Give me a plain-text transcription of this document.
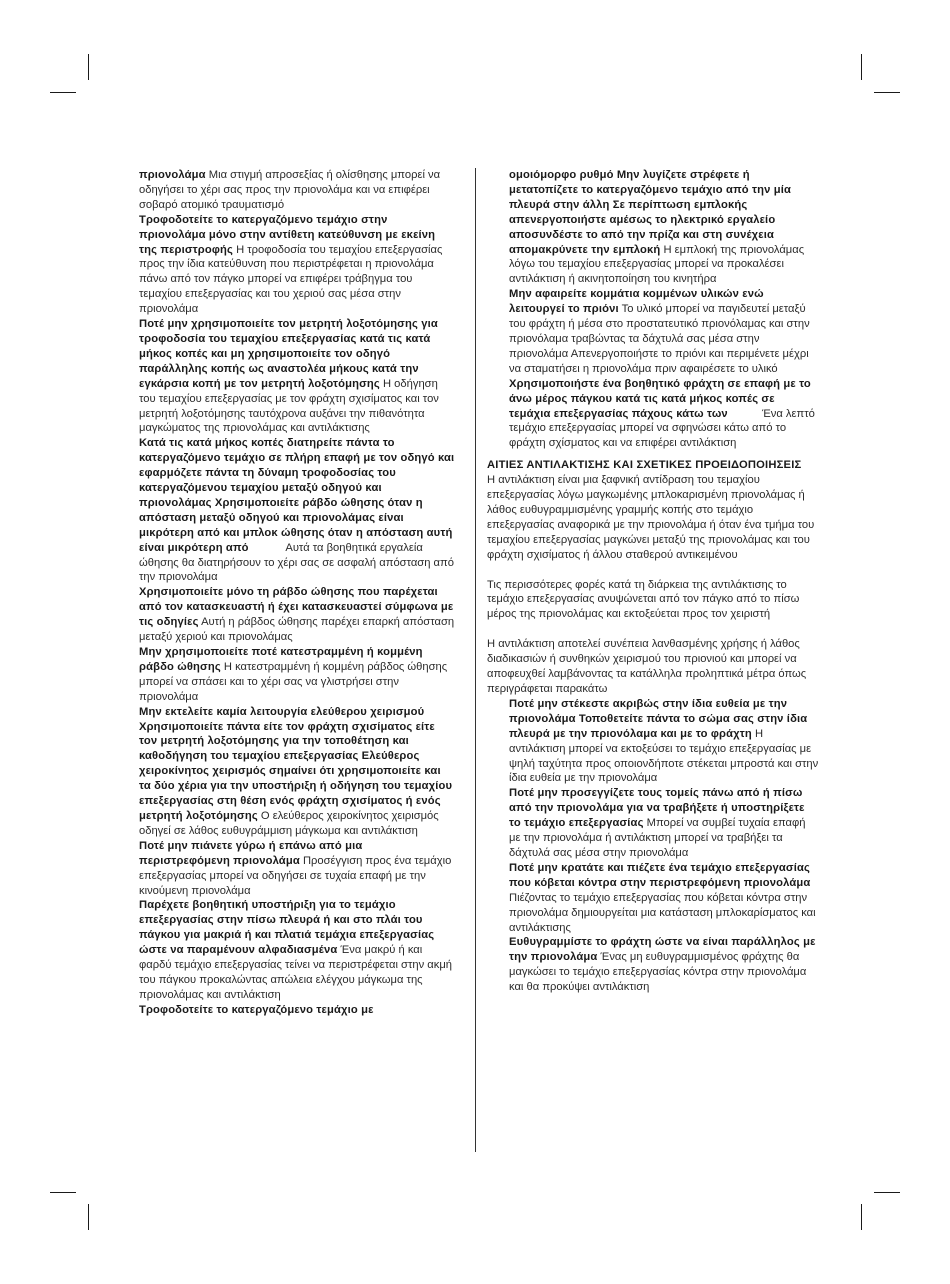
πριονολάμα Μια στιγμή απροσεξίας ή ολίσθησης μπορεί να οδηγήσει το χέρι σας προς την πριονολάμα και να επιφέρει σοβαρό ατομικό τραυματισμό

Τροφοδοτείτε το κατεργαζόμενο τεμάχιο στην πριονολάμα μόνο στην αντίθετη κατεύθυνση με εκείνη της περιστροφής Η τροφοδοσία του τεμαχίου επεξεργασίας προς την ίδια κατεύθυνση που περιστρέφεται η πριονολάμα πάνω από τον πάγκο μπορεί να επιφέρει τράβηγμα του τεμαχίου επεξεργασίας και του χεριού σας μέσα στην πριονολάμα

Ποτέ μην χρησιμοποιείτε τον μετρητή λοξοτόμησης για τροφοδοσία του τεμαχίου επεξεργασίας κατά τις κατά μήκος κοπές και μη χρησιμοποιείτε τον οδηγό παράλληλης κοπής ως αναστολέα μήκους κατά την εγκάρσια κοπή με τον μετρητή λοξοτόμησης Η οδήγηση του τεμαχίου επεξεργασίας με τον φράχτη σχισίματος και τον μετρητή λοξοτόμησης ταυτόχρονα αυξάνει την πιθανότητα μαγκώματος της πριονολάμας και αντιλάκτισης

Κατά τις κατά μήκος κοπές διατηρείτε πάντα το κατεργαζόμενο τεμάχιο σε πλήρη επαφή με τον οδηγό και εφαρμόζετε πάντα τη δύναμη τροφοδοσίας του κατεργαζόμενου τεμαχίου μεταξύ οδηγού και πριονολάμας Χρησιμοποιείτε ράβδο ώθησης όταν η απόσταση μεταξύ οδηγού και πριονολάμας είναι μικρότερη από και μπλοκ ώθησης όταν η απόσταση αυτή είναι μικρότερη από            Αυτά τα βοηθητικά εργαλεία ώθησης θα διατηρήσουν το χέρι σας σε ασφαλή απόσταση από την πριονολάμα

Χρησιμοποιείτε μόνο τη ράβδο ώθησης που παρέχεται από τον κατασκευαστή ή έχει κατασκευαστεί σύμφωνα με τις οδηγίες Αυτή η ράβδος ώθησης παρέχει επαρκή απόσταση μεταξύ χεριού και πριονολάμας

Μην χρησιμοποιείτε ποτέ κατεστραμμένη ή κομμένη ράβδο ώθησης Η κατεστραμμένη ή κομμένη ράβδος ώθησης μπορεί να σπάσει και το χέρι σας να γλιστρήσει στην πριονολάμα

Μην εκτελείτε καμία λειτουργία ελεύθερου χειρισμού Χρησιμοποιείτε πάντα είτε τον φράχτη σχισίματος είτε τον μετρητή λοξοτόμησης για την τοποθέτηση και καθοδήγηση του τεμαχίου επεξεργασίας Ελεύθερος χειροκίνητος χειρισμός σημαίνει ότι χρησιμοποιείτε και τα δύο χέρια για την υποστήριξη ή οδήγηση του τεμαχίου επεξεργασίας στη θέση ενός φράχτη σχισίματος ή ενός μετρητή λοξοτόμησης Ο ελεύθερος χειροκίνητος χειρισμός οδηγεί σε λάθος ευθυγράμμιση μάγκωμα και αντιλάκτιση

Ποτέ μην πιάνετε γύρω ή επάνω από μια περιστρεφόμενη πριονολάμα Προσέγγιση προς ένα τεμάχιο επεξεργασίας μπορεί να οδηγήσει σε τυχαία επαφή με την κινούμενη πριονολάμα

Παρέχετε βοηθητική υποστήριξη για το τεμάχιο επεξεργασίας στην πίσω πλευρά ή και στο πλάι του πάγκου για μακριά ή και πλατιά τεμάχια επεξεργασίας ώστε να παραμένουν αλφαδιασμένα Ένα μακρύ ή και φαρδύ τεμάχιο επεξεργασίας τείνει να περιστρέφεται στην ακμή του πάγκου προκαλώντας απώλεια ελέγχου μάγκωμα της πριονολάμας και αντιλάκτιση

Τροφοδοτείτε το κατεργαζόμενο τεμάχιο με

ομοιόμορφο ρυθμό Μην λυγίζετε στρέφετε ή μετατοπίζετε το κατεργαζόμενο τεμάχιο από την μία πλευρά στην άλλη Σε περίπτωση εμπλοκής απενεργοποιήστε αμέσως το ηλεκτρικό εργαλείο αποσυνδέστε το από την πρίζα και στη συνέχεια απομακρύνετε την εμπλοκή Η εμπλοκή της πριονολάμας λόγω του τεμαχίου επεξεργασίας μπορεί να προκαλέσει αντιλάκτιση ή ακινητοποίηση του κινητήρα

Μην αφαιρείτε κομμάτια κομμένων υλικών ενώ λειτουργεί το πριόνι Το υλικό μπορεί να παγιδευτεί μεταξύ του φράχτη ή μέσα στο προστατευτικό πριονόλαμας και στην πριονόλαμα τραβώντας τα δάχτυλά σας μέσα στην πριονολάμα Απενεργοποιήστε το πριόνι και περιμένετε μέχρι να σταματήσει η πριονολάμα πριν αφαιρέσετε το υλικό

Χρησιμοποιήστε ένα βοηθητικό φράχτη σε επαφή με το άνω μέρος πάγκου κατά τις κατά μήκος κοπές σε τεμάχια επεξεργασίας πάχους κάτω των           Ένα λεπτό τεμάχιο επεξεργασίας μπορεί να σφηνώσει κάτω από το φράχτη σχίσματος και να επιφέρει αντιλάκτιση

ΑΙΤΙΕΣ ΑΝΤΙΛΑΚΤΙΣΗΣ ΚΑΙ ΣΧΕΤΙΚΕΣ ΠΡΟΕΙΔΟΠΟΙΗΣΕΙΣ

Η αντιλάκτιση είναι μια ξαφνική αντίδραση του τεμαχίου επεξεργασίας λόγω μαγκωμένης μπλοκαρισμένη πριονολάμας ή λάθος ευθυγραμμισμένης γραμμής κοπής στο τεμάχιο επεξεργασίας αναφορικά με την πριονολάμα ή όταν ένα τμήμα του τεμαχίου επεξεργασίας μαγκώνει μεταξύ της πριονολάμας και του φράχτη σχισίματος ή άλλου σταθερού αντικειμένου

Τις περισσότερες φορές κατά τη διάρκεια της αντιλάκτισης το τεμάχιο επεξεργασίας ανυψώνεται από τον πάγκο από το πίσω μέρος της πριονολάμας και εκτοξεύεται προς τον χειριστή

Η αντιλάκτιση αποτελεί συνέπεια λανθασμένης χρήσης ή λάθος διαδικασιών ή συνθηκών χειρισμού του πριονιού και μπορεί να αποφευχθεί λαμβάνοντας τα κατάλληλα προληπτικά μέτρα όπως περιγράφεται παρακάτω

Ποτέ μην στέκεστε ακριβώς στην ίδια ευθεία με την πριονολάμα Τοποθετείτε πάντα το σώμα σας στην ίδια πλευρά με την πριονόλαμα και με το φράχτη Η αντιλάκτιση μπορεί να εκτοξεύσει το τεμάχιο επεξεργασίας με ψηλή ταχύτητα προς οποιονδήποτε στέκεται μπροστά και στην ίδια ευθεία με την πριονολάμα

Ποτέ μην προσεγγίζετε τους τομείς πάνω από ή πίσω από την πριονολάμα για να τραβήξετε ή υποστηρίξετε το τεμάχιο επεξεργασίας Μπορεί να συμβεί τυχαία επαφή με την πριονολάμα ή αντιλάκτιση μπορεί να τραβήξει τα δάχτυλά σας μέσα στην πριονολάμα

Ποτέ μην κρατάτε και πιέζετε ένα τεμάχιο επεξεργασίας που κόβεται κόντρα στην περιστρεφόμενη πριονολάμα Πιέζοντας το τεμάχιο επεξεργασίας που κόβεται κόντρα στην πριονολάμα δημιουργείται μια κατάσταση μπλοκαρίσματος και αντιλάκτισης

Ευθυγραμμίστε το φράχτη ώστε να είναι παράλληλος με την πριονολάμα Ένας μη ευθυγραμμισμένος φράχτης θα μαγκώσει το τεμάχιο επεξεργασίας κόντρα στην πριονολάμα και θα προκύψει αντιλάκτιση
